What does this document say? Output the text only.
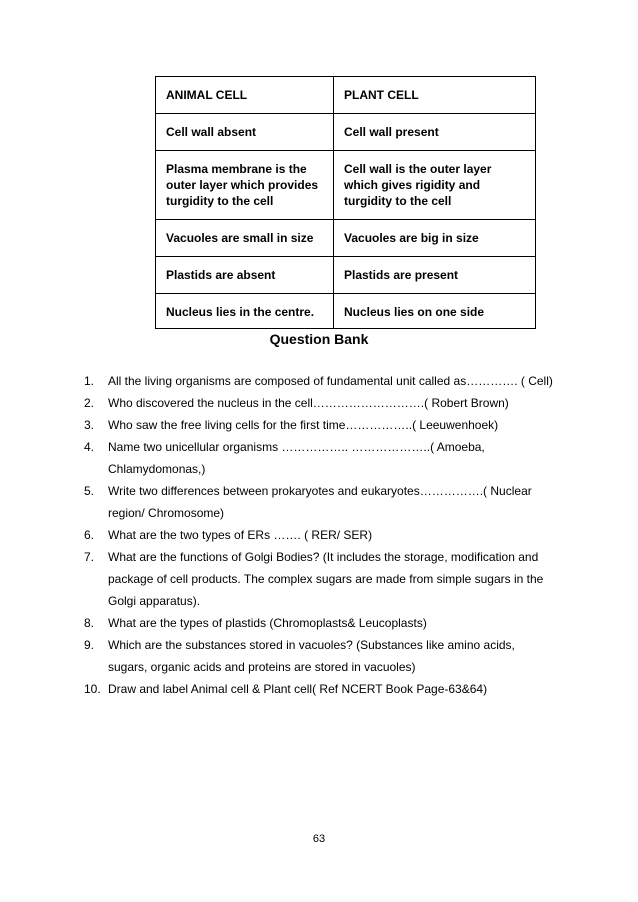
ANIMAL CELL	PLANT CELL
Cell wall absent	Cell wall present
Plasma membrane is the outer layer which provides turgidity to the cell	Cell wall is the outer layer which gives rigidity and turgidity to the cell
Vacuoles are small in size	Vacuoles are big in size
Plastids are absent	Plastids are present
Nucleus lies in the centre.	Nucleus lies on one side
Question Bank
1. All the living organisms are composed of fundamental unit called as…………. ( Cell)
2. Who discovered the nucleus in the cell……………………….( Robert Brown)
3. Who saw the free living cells for the first time……………..( Leeuwenhoek)
4. Name two unicellular organisms …………….. ………………..( Amoeba, Chlamydomonas,)
5. Write two differences between prokaryotes and eukaryotes…………….( Nuclear region/ Chromosome)
6. What are the two types of ERs ……. ( RER/ SER)
7. What are the functions of Golgi Bodies? (It includes the storage, modification and package of cell products. The complex sugars are made from simple sugars in the Golgi apparatus).
8. What are the types of plastids (Chromoplasts& Leucoplasts)
9. Which are the substances stored in vacuoles? (Substances like amino acids, sugars, organic acids and proteins are stored in vacuoles)
10. Draw and label Animal cell & Plant cell( Ref NCERT Book Page-63&64)
63
